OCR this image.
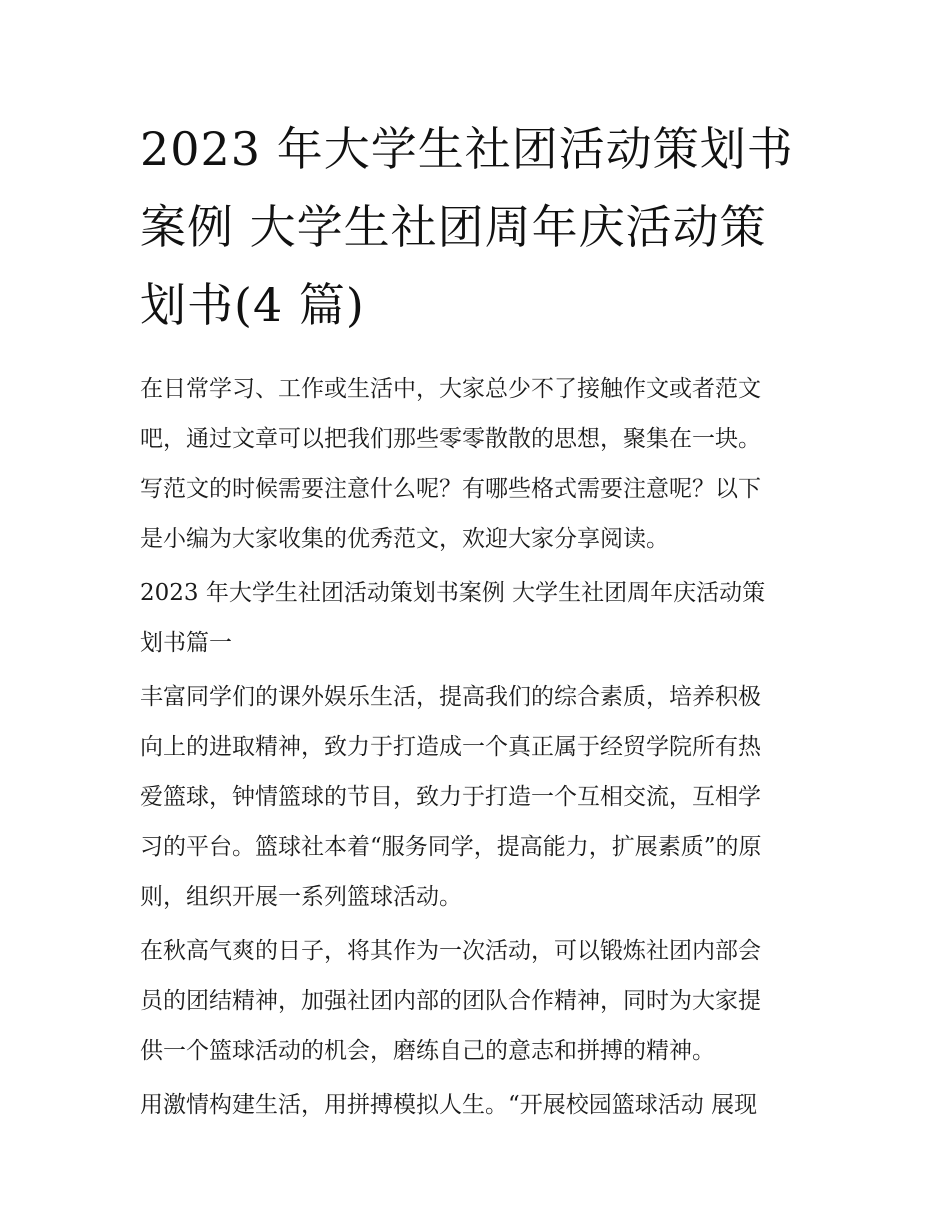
2023 年大学生社团活动策划书
案例 大学生社团周年庆活动策
划书(4 篇)

在日常学习、工作或生活中，大家总少不了接触作文或者范文
吧，通过文章可以把我们那些零零散散的思想，聚集在一块。
写范文的时候需要注意什么呢？有哪些格式需要注意呢？以下
是小编为大家收集的优秀范文，欢迎大家分享阅读。

2023 年大学生社团活动策划书案例 大学生社团周年庆活动策
划书篇一

丰富同学们的课外娱乐生活，提高我们的综合素质，培养积极
向上的进取精神，致力于打造成一个真正属于经贸学院所有热
爱篮球，钟情篮球的节目，致力于打造一个互相交流，互相学
习的平台。篮球社本着“服务同学，提高能力，扩展素质”的原
则，组织开展一系列篮球活动。

在秋高气爽的日子，将其作为一次活动，可以锻炼社团内部会
员的团结精神，加强社团内部的团队合作精神，同时为大家提
供一个篮球活动的机会，磨练自己的意志和拼搏的精神。

用激情构建生活，用拼搏模拟人生。“开展校园篮球活动 展现
